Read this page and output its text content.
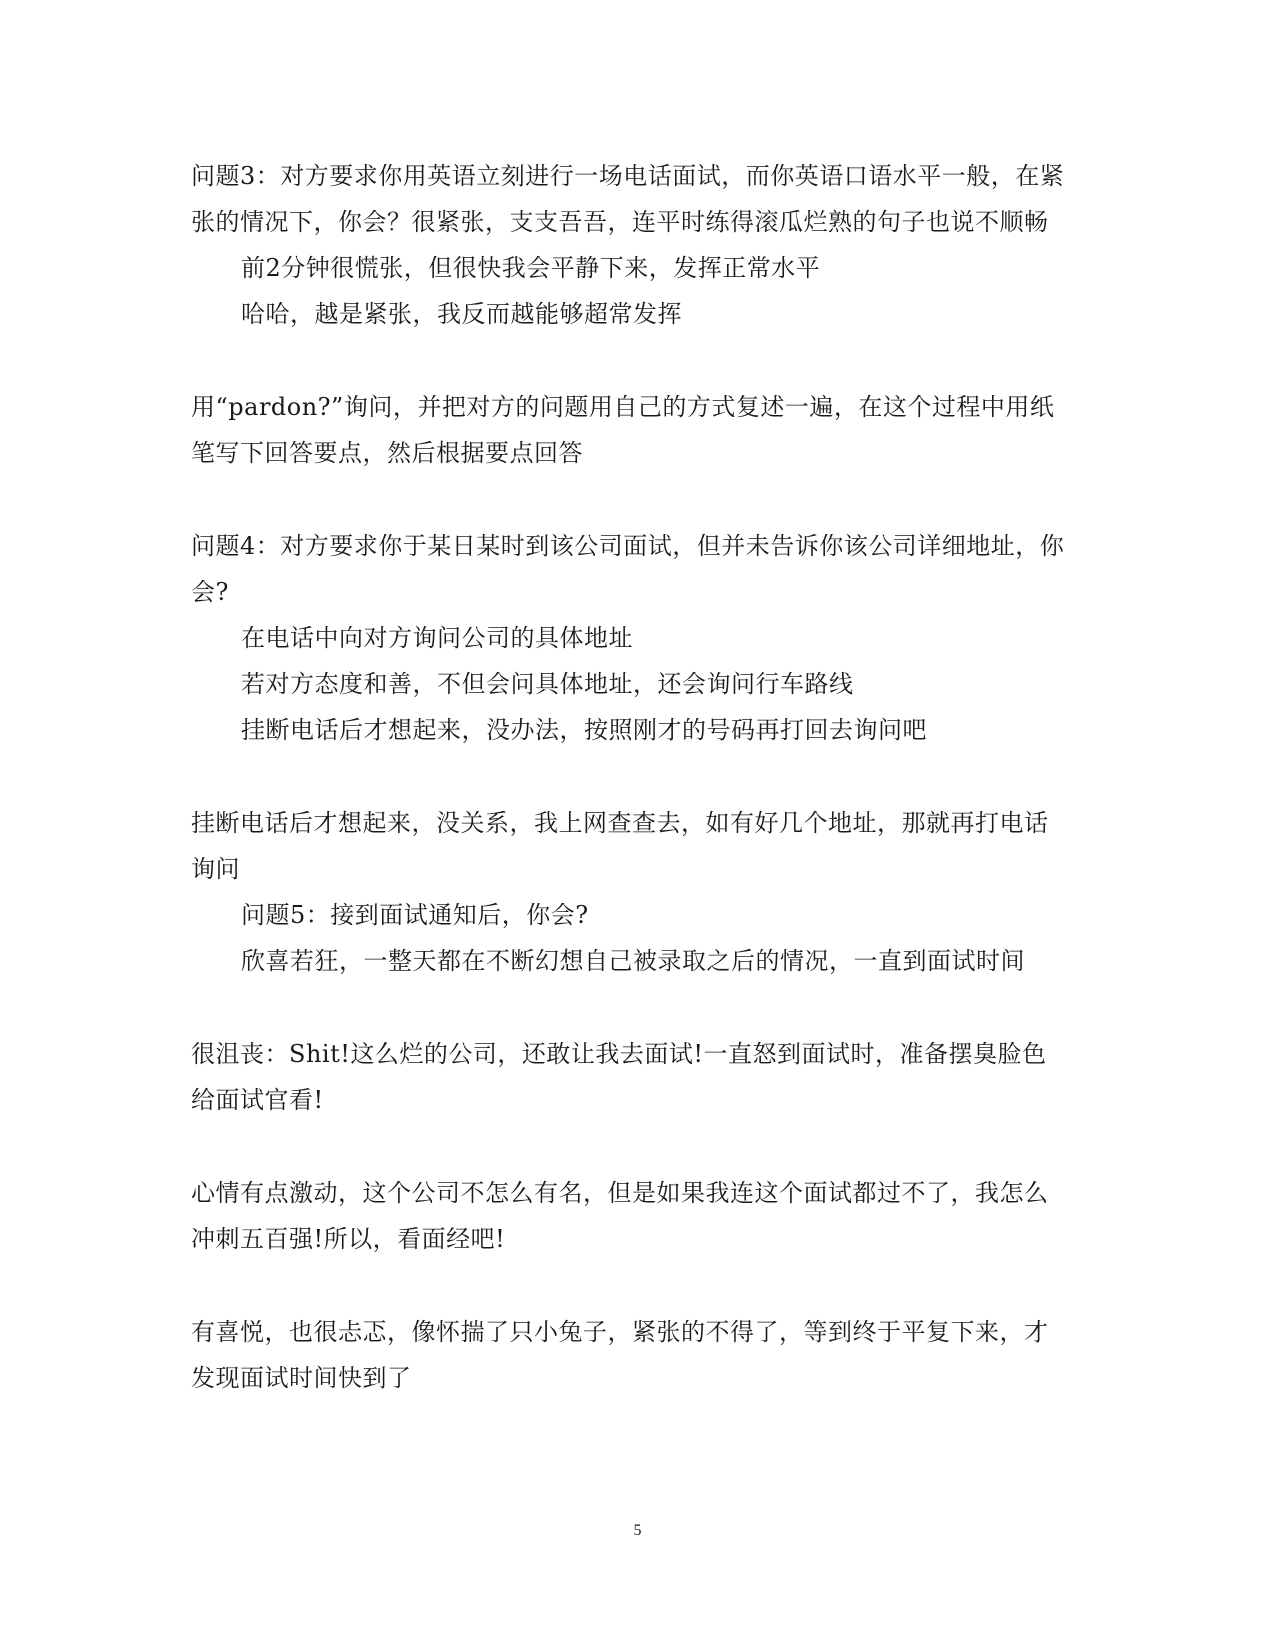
问题3：对方要求你用英语立刻进行一场电话面试，而你英语口语水平一般，在紧
张的情况下，你会？很紧张，支支吾吾，连平时练得滚瓜烂熟的句子也说不顺畅
前2分钟很慌张，但很快我会平静下来，发挥正常水平
哈哈，越是紧张，我反而越能够超常发挥
用“pardon?”询问，并把对方的问题用自己的方式复述一遍，在这个过程中用纸
笔写下回答要点，然后根据要点回答
问题4：对方要求你于某日某时到该公司面试，但并未告诉你该公司详细地址，你
会?
在电话中向对方询问公司的具体地址
若对方态度和善，不但会问具体地址，还会询问行车路线
挂断电话后才想起来，没办法，按照刚才的号码再打回去询问吧
挂断电话后才想起来，没关系，我上网查查去，如有好几个地址，那就再打电话
询问
问题5：接到面试通知后，你会?
欣喜若狂，一整天都在不断幻想自己被录取之后的情况，一直到面试时间
很沮丧：Shit!这么烂的公司，还敢让我去面试!一直怒到面试时，准备摆臭脸色
给面试官看!
心情有点激动，这个公司不怎么有名，但是如果我连这个面试都过不了，我怎么
冲刺五百强!所以，看面经吧!
有喜悦，也很忐忑，像怀揣了只小兔子，紧张的不得了，等到终于平复下来，才
发现面试时间快到了
5
